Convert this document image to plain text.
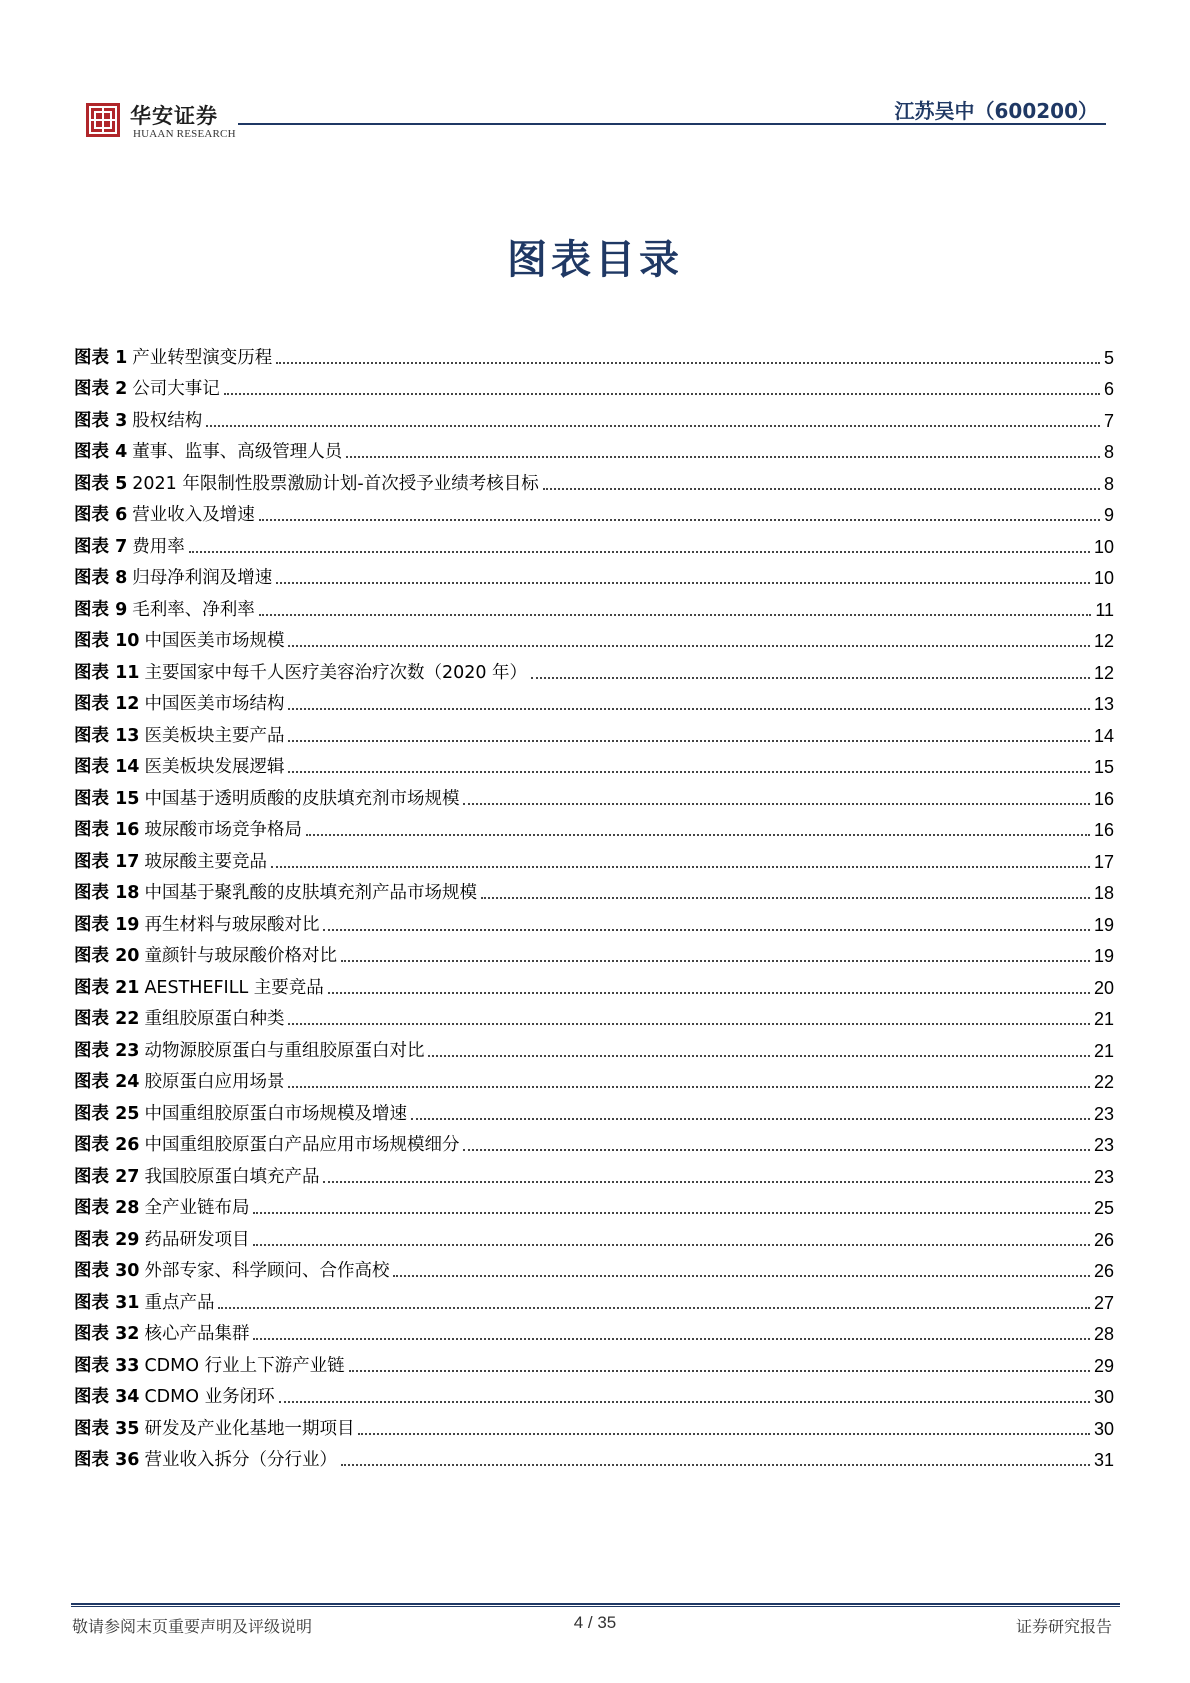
华安证券
HUAAN RESEARCH
江苏吴中（600200）
图表目录
图表 1 产业转型演变历程	5
图表 2 公司大事记	6
图表 3 股权结构	7
图表 4 董事、监事、高级管理人员	8
图表 5 2021 年限制性股票激励计划-首次授予业绩考核目标	8
图表 6 营业收入及增速	9
图表 7 费用率	10
图表 8 归母净利润及增速	10
图表 9 毛利率、净利率	11
图表 10 中国医美市场规模	12
图表 11 主要国家中每千人医疗美容治疗次数（2020 年）	12
图表 12 中国医美市场结构	13
图表 13 医美板块主要产品	14
图表 14 医美板块发展逻辑	15
图表 15 中国基于透明质酸的皮肤填充剂市场规模	16
图表 16 玻尿酸市场竞争格局	16
图表 17 玻尿酸主要竞品	17
图表 18 中国基于聚乳酸的皮肤填充剂产品市场规模	18
图表 19 再生材料与玻尿酸对比	19
图表 20 童颜针与玻尿酸价格对比	19
图表 21 AESTHEFILL 主要竞品	20
图表 22 重组胶原蛋白种类	21
图表 23 动物源胶原蛋白与重组胶原蛋白对比	21
图表 24 胶原蛋白应用场景	22
图表 25 中国重组胶原蛋白市场规模及增速	23
图表 26 中国重组胶原蛋白产品应用市场规模细分	23
图表 27 我国胶原蛋白填充产品	23
图表 28 全产业链布局	25
图表 29 药品研发项目	26
图表 30 外部专家、科学顾问、合作高校	26
图表 31 重点产品	27
图表 32 核心产品集群	28
图表 33 CDMO 行业上下游产业链	29
图表 34 CDMO 业务闭环	30
图表 35 研发及产业化基地一期项目	30
图表 36 营业收入拆分（分行业）	31
敬请参阅末页重要声明及评级说明	4 / 35	证券研究报告
